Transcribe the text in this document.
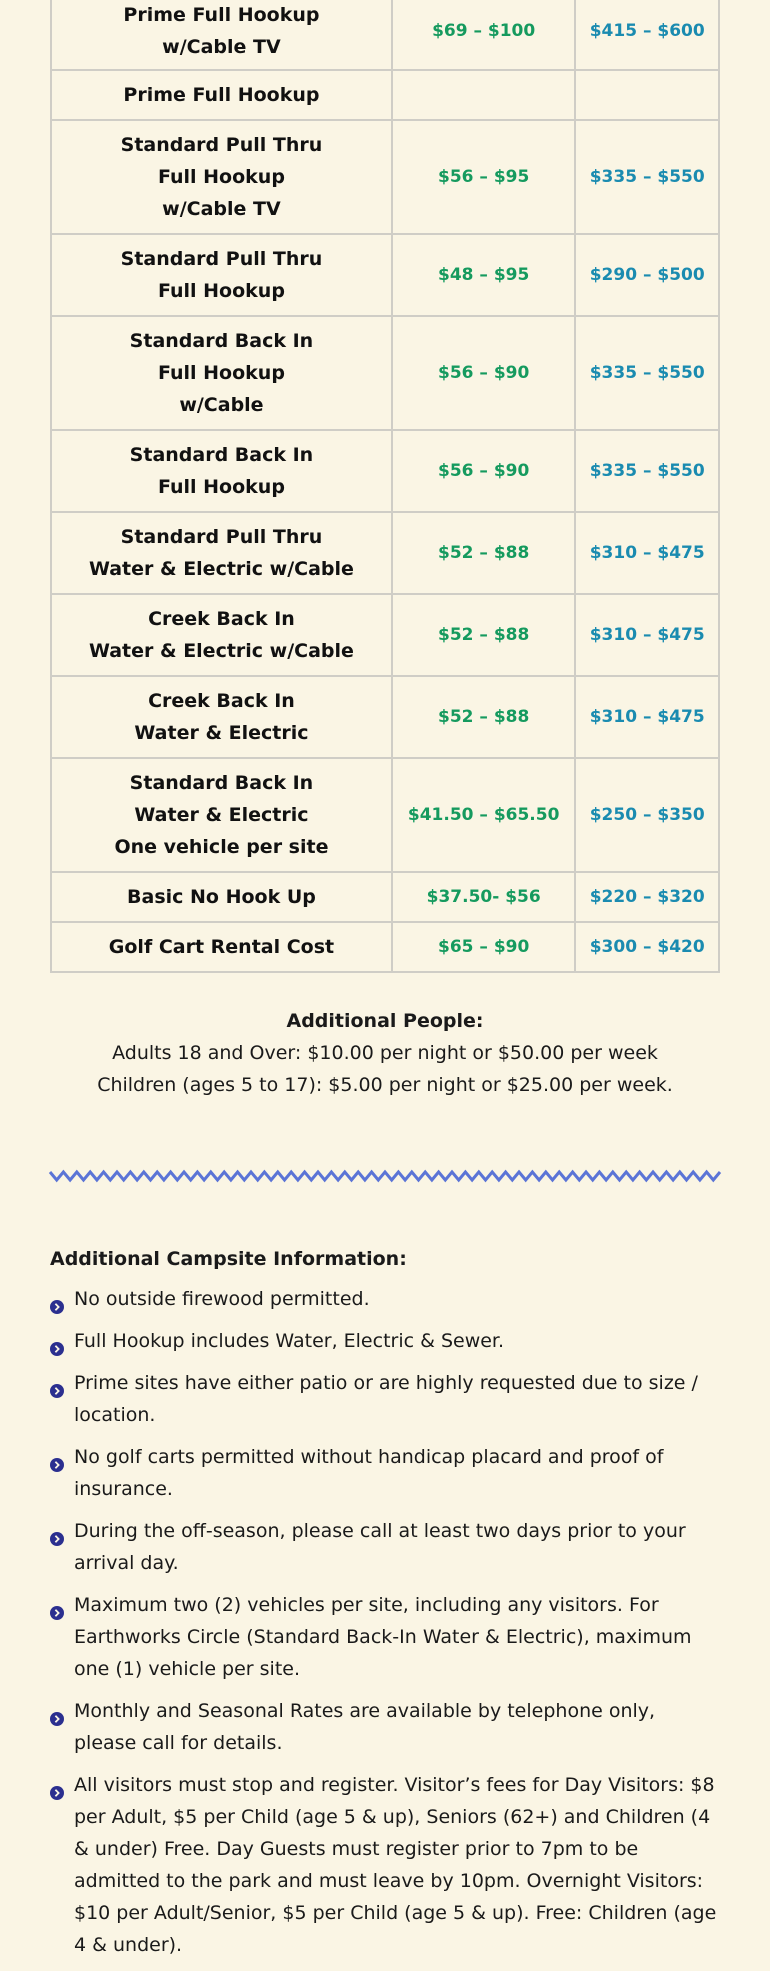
Prime Full Hookup
w/Cable TV	$69 – $100	$415 – $600

Prime Full Hookup		

Standard Pull Thru
Full Hookup
w/Cable TV	$56 – $95	$335 – $550

Standard Pull Thru
Full Hookup	$48 – $95	$290 – $500

Standard Back In
Full Hookup
w/Cable	$56 – $90	$335 – $550

Standard Back In
Full Hookup	$56 – $90	$335 – $550

Standard Pull Thru
Water & Electric w/Cable	$52 – $88	$310 – $475

Creek Back In
Water & Electric w/Cable	$52 – $88	$310 – $475

Creek Back In
Water & Electric	$52 – $88	$310 – $475

Standard Back In
Water & Electric
One vehicle per site	$41.50 – $65.50	$250 – $350

Basic No Hook Up	$37.50- $56	$220 – $320

Golf Cart Rental Cost	$65 – $90	$300 – $420
Additional People:
Adults 18 and Over: $10.00 per night or $50.00 per week
Children (ages 5 to 17): $5.00 per night or $25.00 per week.
Additional Campsite Information:
No outside firewood permitted.
Full Hookup includes Water, Electric & Sewer.
Prime sites have either patio or are highly requested due to size / location.
No golf carts permitted without handicap placard and proof of insurance.
During the off-season, please call at least two days prior to your arrival day.
Maximum two (2) vehicles per site, including any visitors. For Earthworks Circle (Standard Back-In Water & Electric), maximum one (1) vehicle per site.
Monthly and Seasonal Rates are available by telephone only, please call for details.
All visitors must stop and register. Visitor’s fees for Day Visitors: $8 per Adult, $5 per Child (age 5 & up), Seniors (62+) and Children (4 & under) Free. Day Guests must register prior to 7pm to be admitted to the park and must leave by 10pm. Overnight Visitors: $10 per Adult/Senior, $5 per Child (age 5 & up). Free: Children (age 4 & under).
